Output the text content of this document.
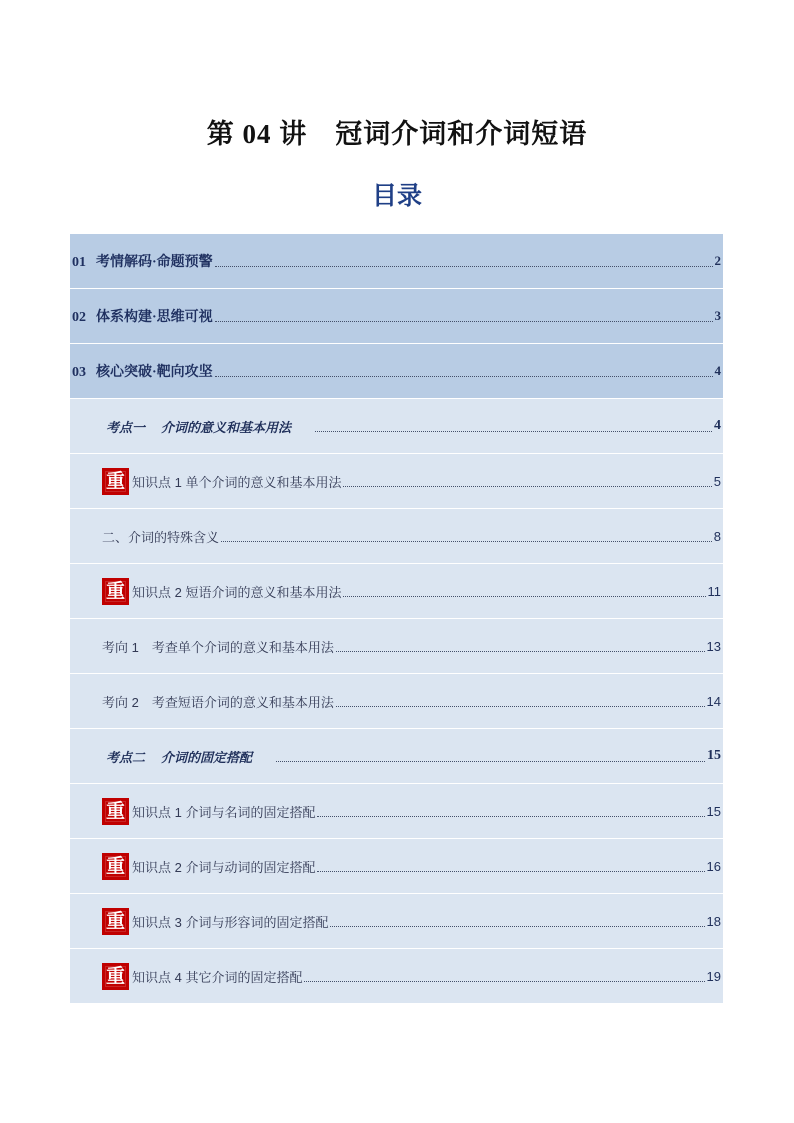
第 04 讲　冠词介词和介词短语
目录
01 考情解码·命题预警	2
02 体系构建·思维可视	3
03 核心突破·靶向攻坚	4
考点一 介词的意义和基本用法	4
重 知识点 1 单个介词的意义和基本用法	5
二、介词的特殊含义	8
重 知识点 2 短语介词的意义和基本用法	11
考向 1　考查单个介词的意义和基本用法	13
考向 2　考查短语介词的意义和基本用法	14
考点二 介词的固定搭配	15
重 知识点 1 介词与名词的固定搭配	15
重 知识点 2 介词与动词的固定搭配	16
重 知识点 3 介词与形容词的固定搭配	18
重 知识点 4 其它介词的固定搭配	19
